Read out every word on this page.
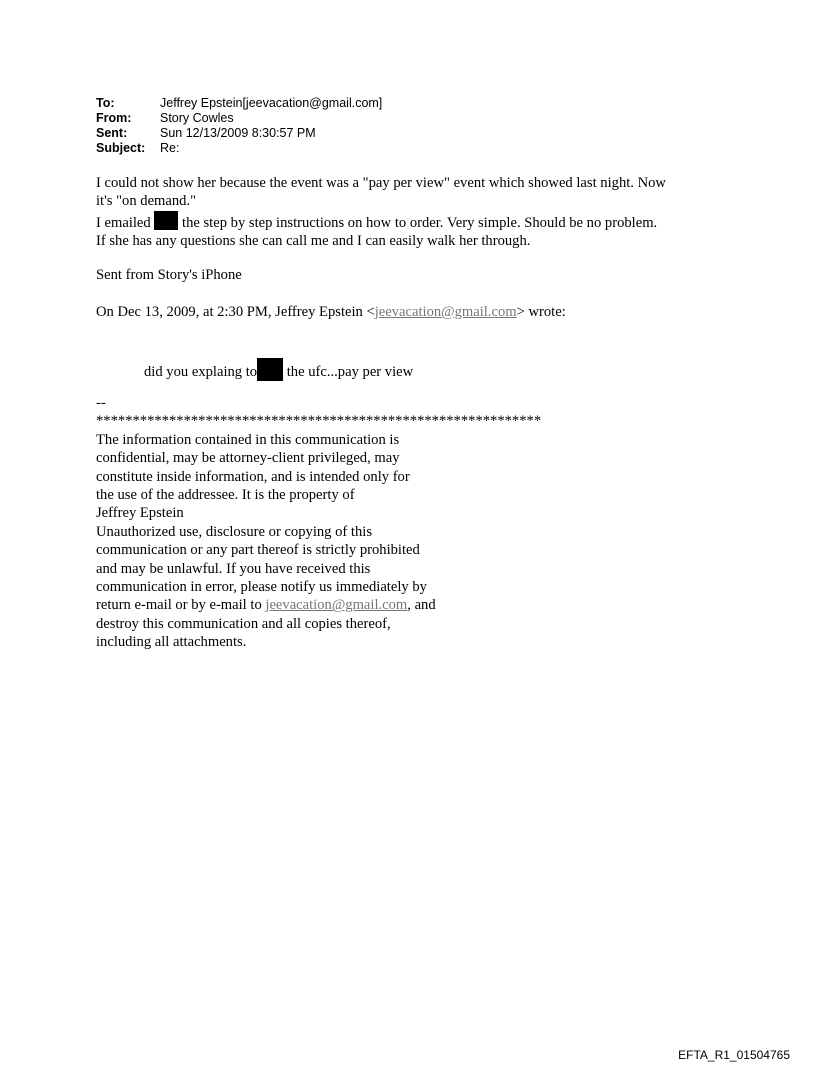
To:	Jeffrey Epstein[jeevacation@gmail.com]
From:	Story Cowles
Sent:	Sun 12/13/2009 8:30:57 PM
Subject:	Re:
I could not show her because the event was a "pay per view" event which showed last night. Now
it's "on demand."
I emailed the step by step instructions on how to order. Very simple. Should be no problem.
If she has any questions she can call me and I can easily walk her through.
Sent from Story's iPhone
On Dec 13, 2009, at 2:30 PM, Jeffrey Epstein <jeevacation@gmail.com> wrote:
did you explaing to the ufc...pay per view
--
*************************************************************
The information contained in this communication is
confidential, may be attorney-client privileged, may
constitute inside information, and is intended only for
the use of the addressee. It is the property of
Jeffrey Epstein
Unauthorized use, disclosure or copying of this
communication or any part thereof is strictly prohibited
and may be unlawful. If you have received this
communication in error, please notify us immediately by
return e-mail or by e-mail to jeevacation@gmail.com, and
destroy this communication and all copies thereof,
including all attachments.
EFTA_R1_01504765
